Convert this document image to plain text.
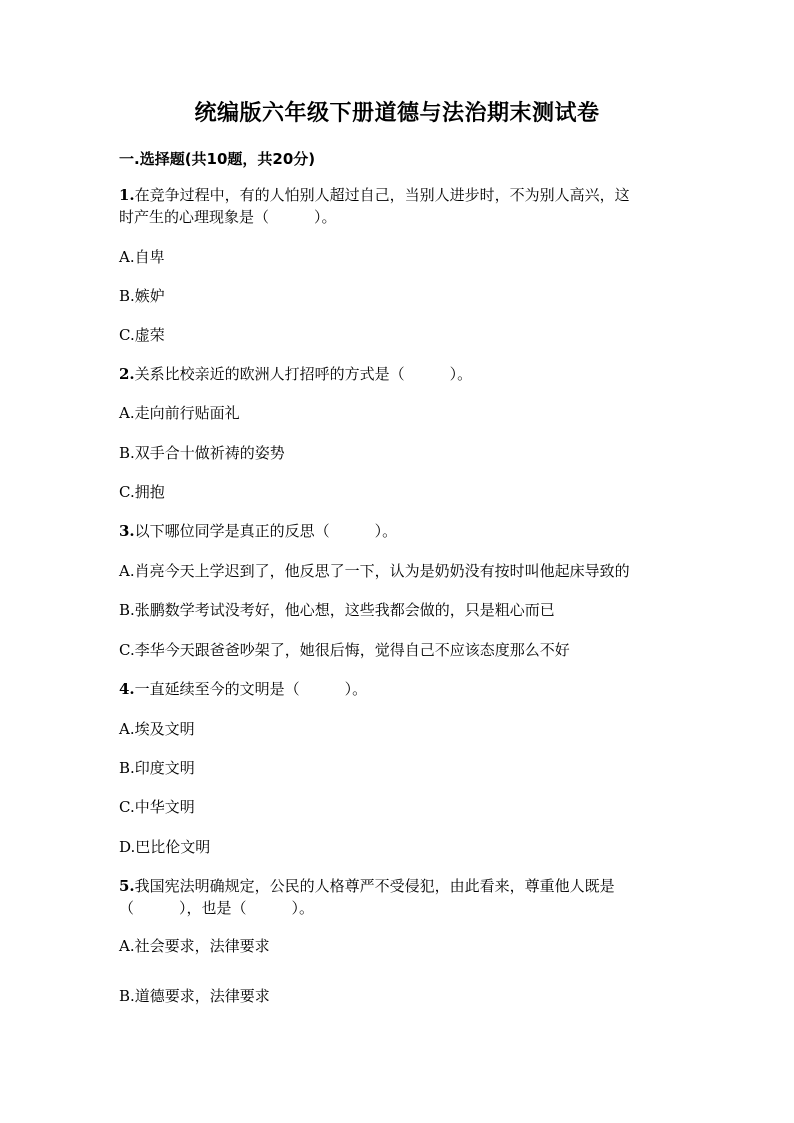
统编版六年级下册道德与法治期末测试卷
一.选择题(共10题，共20分)
1.在竞争过程中，有的人怕别人超过自己，当别人进步时，不为别人高兴，这
时产生的心理现象是（　　　）。
A.自卑
B.嫉妒
C.虚荣
2.关系比校亲近的欧洲人打招呼的方式是（　　　）。
A.走向前行贴面礼
B.双手合十做祈祷的姿势
C.拥抱
3.以下哪位同学是真正的反思（　　　）。
A.肖亮今天上学迟到了，他反思了一下，认为是奶奶没有按时叫他起床导致的
B.张鹏数学考试没考好，他心想，这些我都会做的，只是粗心而已
C.李华今天跟爸爸吵架了，她很后悔，觉得自己不应该态度那么不好
4.一直延续至今的文明是（　　　）。
A.埃及文明
B.印度文明
C.中华文明
D.巴比伦文明
5.我国宪法明确规定，公民的人格尊严不受侵犯，由此看来，尊重他人既是
（　　　），也是（　　　）。
A.社会要求，法律要求
B.道德要求，法律要求
